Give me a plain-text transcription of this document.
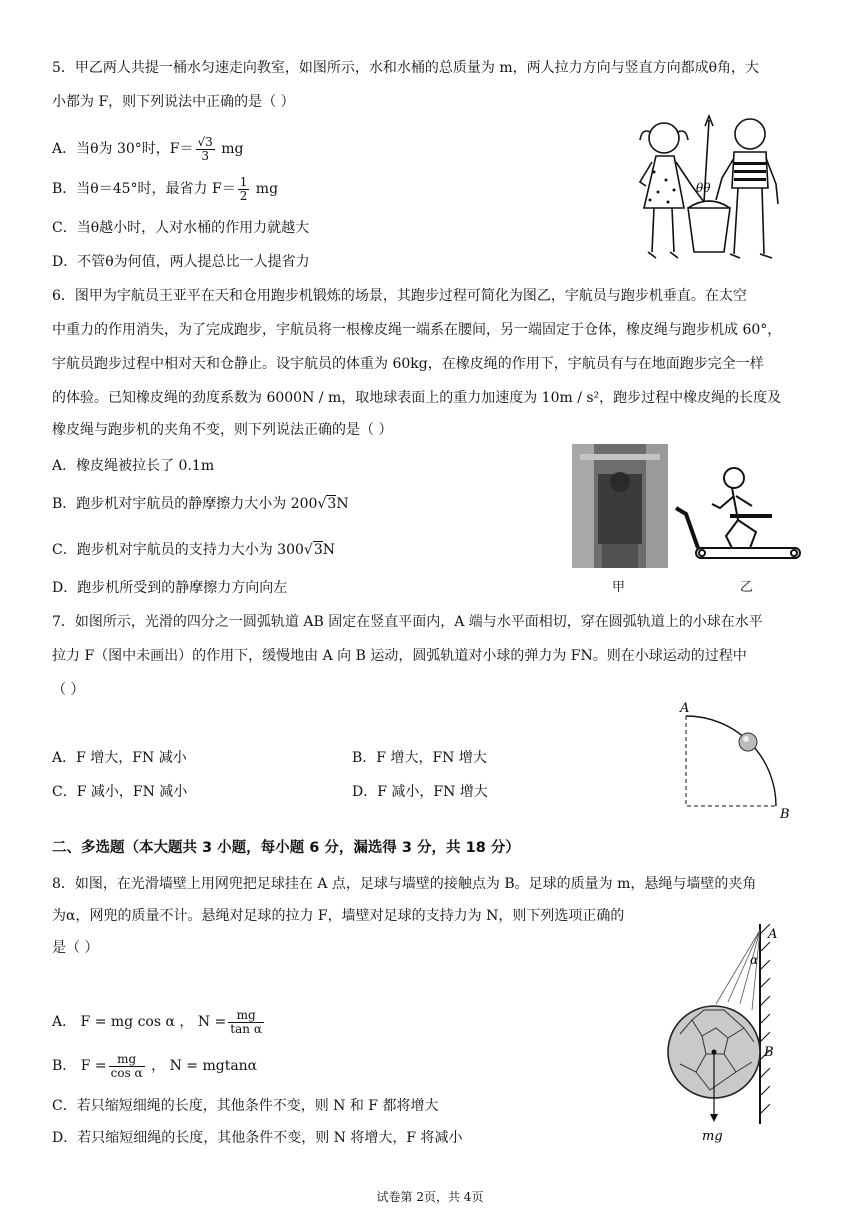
5．甲乙两人共提一桶水匀速走向教室，如图所示，水和水桶的总质量为 m，两人拉力方向与竖直方向都成θ角，大
小都为 F，则下列说法中正确的是（ ）
A．当θ为 30°时，$F= \frac{√3}{3}$ mg
B．当θ＝45°时，最省力 $F= \frac{1}{2}$ mg
C．当θ越小时，人对水桶的作用力就越大
D．不管θ为何值，两人提总比一人提省力
θθ
6．图甲为宇航员王亚平在天和仓用跑步机锻炼的场景，其跑步过程可简化为图乙，宇航员与跑步机垂直。在太空
中重力的作用消失，为了完成跑步，宇航员将一根橡皮绳一端系在腰间，另一端固定于仓体，橡皮绳与跑步机成 60°，
宇航员跑步过程中相对天和仓静止。设宇航员的体重为 60kg，在橡皮绳的作用下，宇航员有与在地面跑步完全一样
的体验。已知橡皮绳的劲度系数为 6000N / m，取地球表面上的重力加速度为 10m / s²，跑步过程中橡皮绳的长度及
橡皮绳与跑步机的夹角不变，则下列说法正确的是（ ）
A．橡皮绳被拉长了 0.1m
B．跑步机对宇航员的静摩擦力大小为 200√3N
C．跑步机对宇航员的支持力大小为 300√3N
D．跑步机所受到的静摩擦力方向向左	甲	乙
7．如图所示，光滑的四分之一圆弧轨道 AB 固定在竖直平面内，A 端与水平面相切，穿在圆弧轨道上的小球在水平
拉力 F（图中未画出）的作用下，缓慢地由 A 向 B 运动，圆弧轨道对小球的弹力为 FN。则在小球运动的过程中
（ ）
A．F 增大，FN 减小	B．F 增大，FN 增大
C．F 减小，FN 减小	D．F 减小，FN 增大
A
B
二、多选题（本大题共 3 小题，每小题 6 分，漏选得 3 分，共 18 分）
8．如图，在光滑墙壁上用网兜把足球挂在 A 点，足球与墙壁的接触点为 B。足球的质量为 m，悬绳与墙壁的夹角
为α，网兜的质量不计。悬绳对足球的拉力 F，墙壁对足球的支持力为 N，则下列选项正确的
是（ ）
A． F = mg cos α ， $N = \frac{mg}{\text{tan α}}$
B． $F = \frac{mg}{\text{cos α}}$ ， N = mgtanα
C．若只缩短细绳的长度，其他条件不变，则 N 和 F 都将增大
D．若只缩短细绳的长度，其他条件不变，则 N 将增大，F 将减小
A
α
B
mg
试卷第 2页，共 4页
